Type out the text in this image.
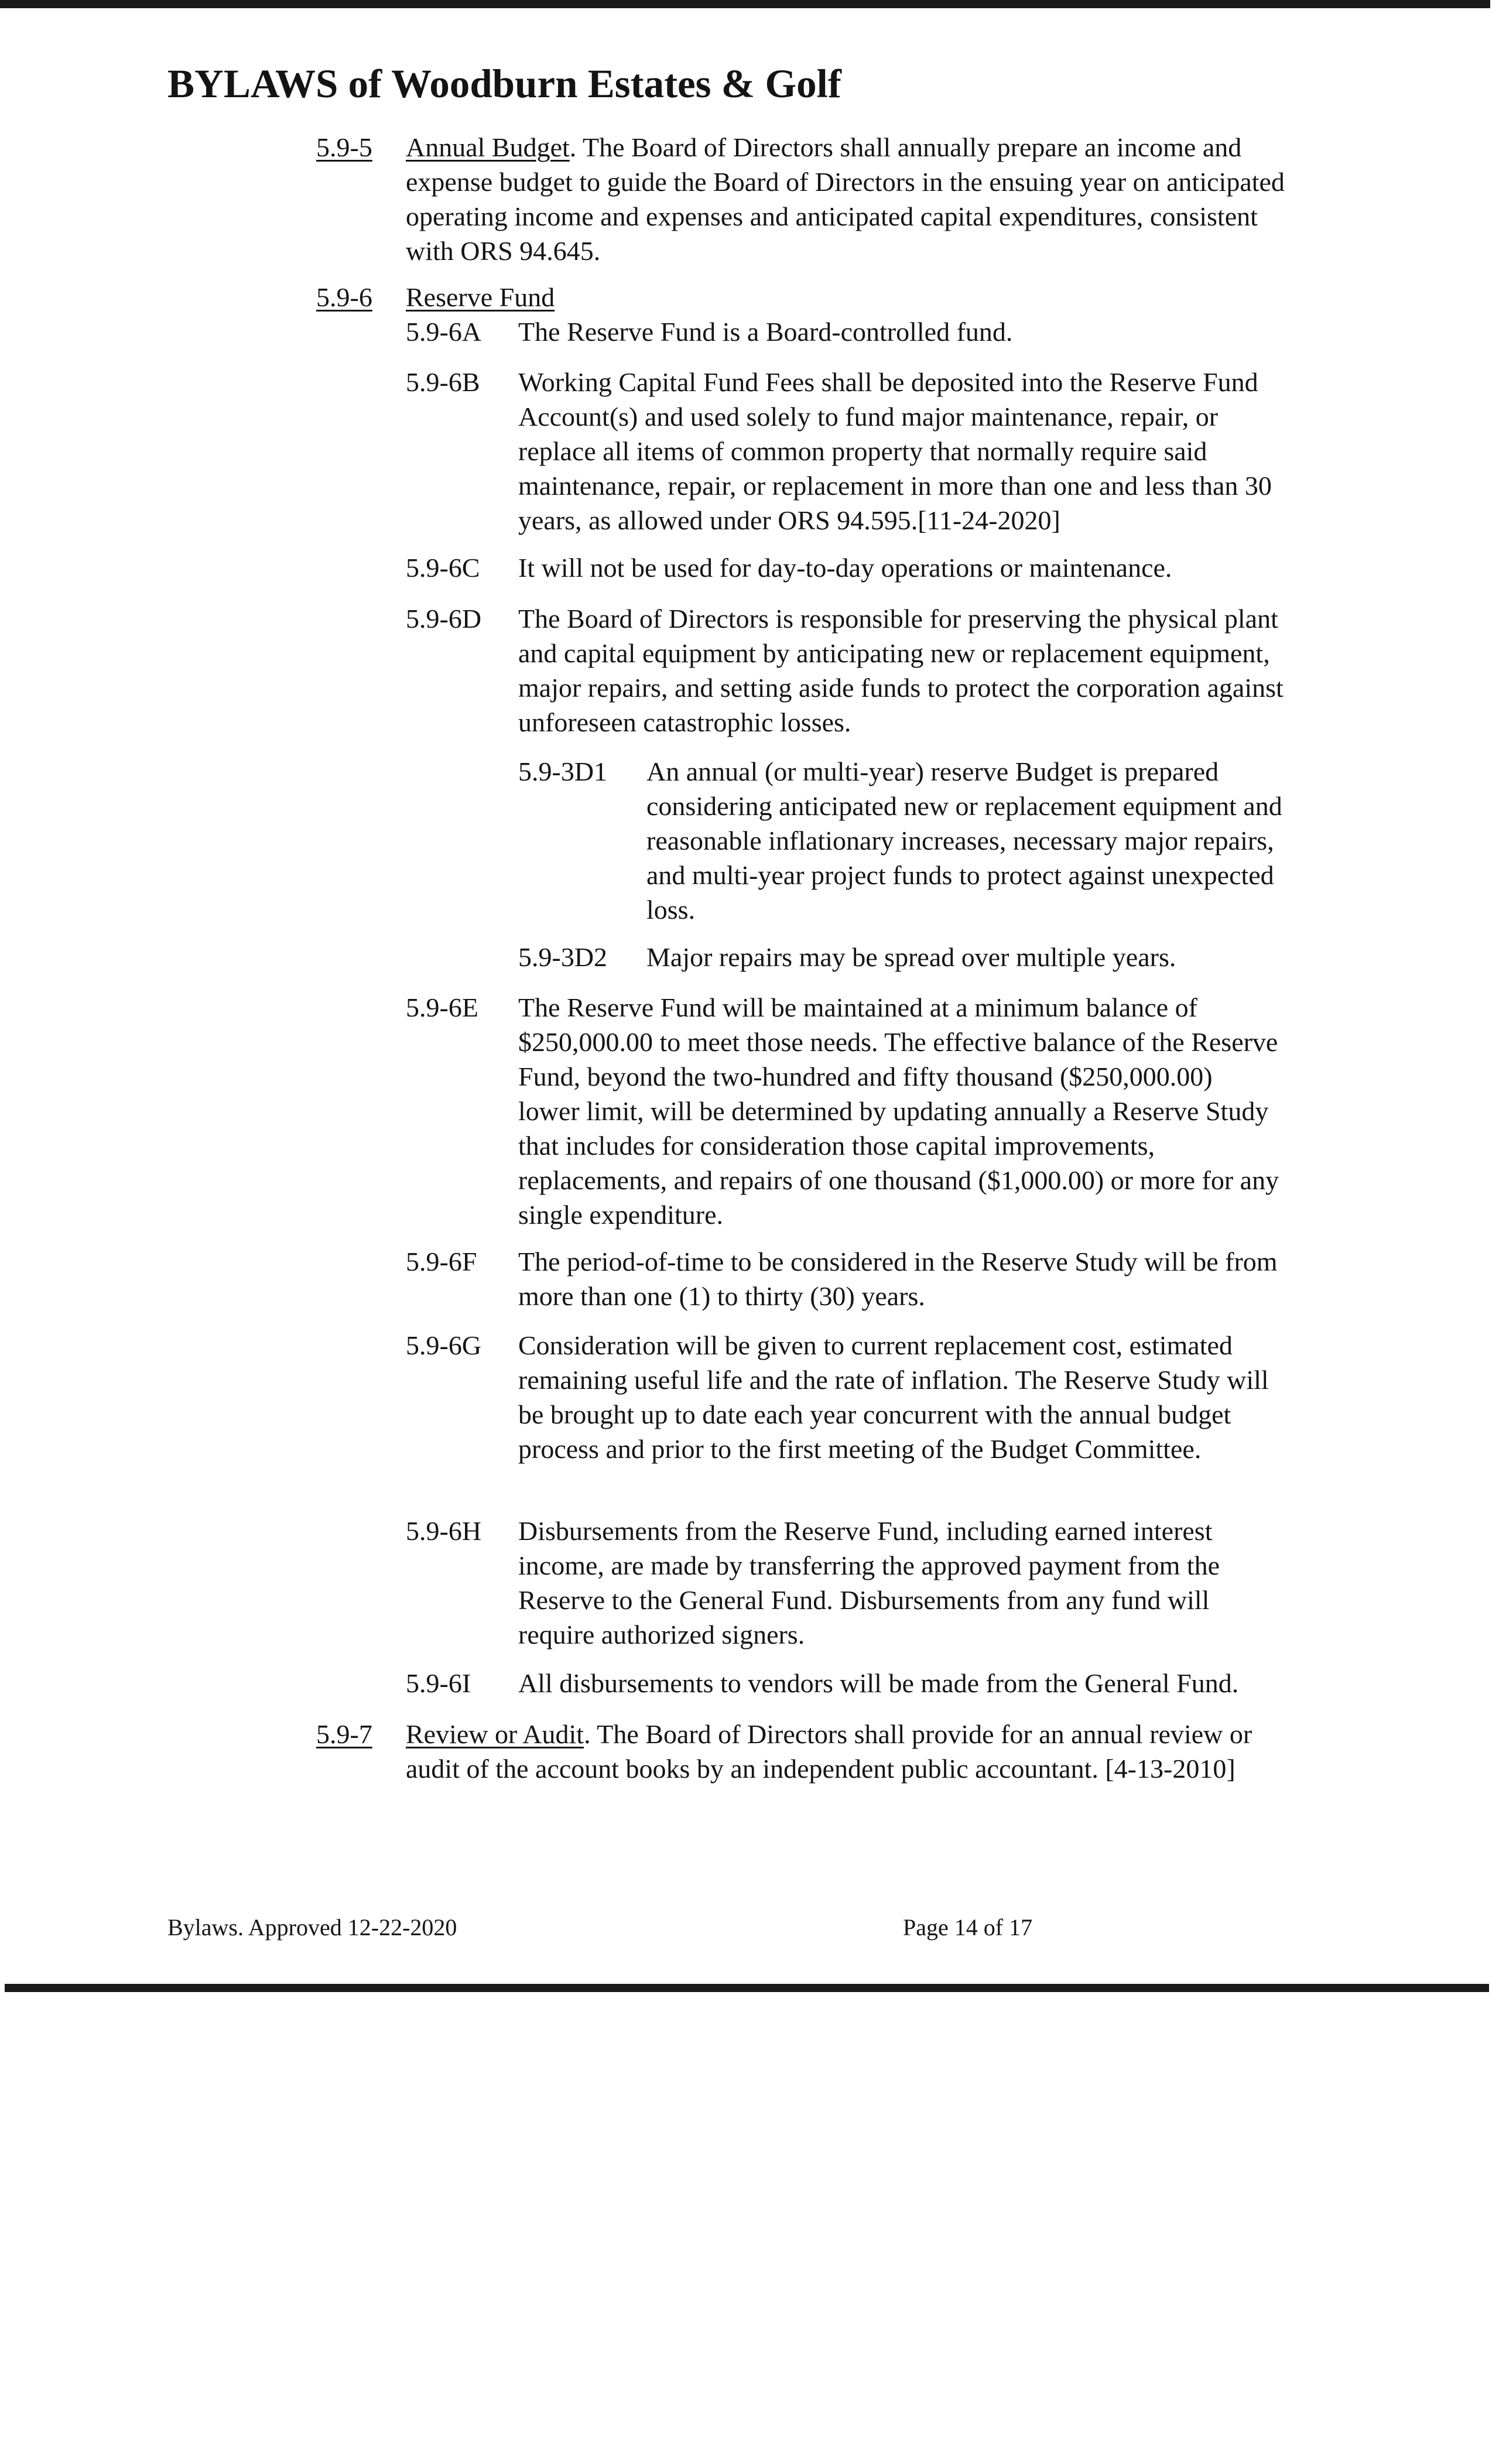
BYLAWS of Woodburn Estates & Golf
5.9-5 Annual Budget. The Board of Directors shall annually prepare an income and expense budget to guide the Board of Directors in the ensuing year on anticipated operating income and expenses and anticipated capital expenditures, consistent with ORS 94.645.

5.9-6 Reserve Fund
5.9-6A The Reserve Fund is a Board-controlled fund.

5.9-6B Working Capital Fund Fees shall be deposited into the Reserve Fund Account(s) and used solely to fund major maintenance, repair, or replace all items of common property that normally require said maintenance, repair, or replacement in more than one and less than 30 years, as allowed under ORS 94.595.[11-24-2020]

5.9-6C It will not be used for day-to-day operations or maintenance.

5.9-6D The Board of Directors is responsible for preserving the physical plant and capital equipment by anticipating new or replacement equipment, major repairs, and setting aside funds to protect the corporation against unforeseen catastrophic losses.

5.9-3D1 An annual (or multi-year) reserve Budget is prepared considering anticipated new or replacement equipment and reasonable inflationary increases, necessary major repairs, and multi-year project funds to protect against unexpected loss.

5.9-3D2 Major repairs may be spread over multiple years.

5.9-6E The Reserve Fund will be maintained at a minimum balance of $250,000.00 to meet those needs. The effective balance of the Reserve Fund, beyond the two-hundred and fifty thousand ($250,000.00) lower limit, will be determined by updating annually a Reserve Study that includes for consideration those capital improvements, replacements, and repairs of one thousand ($1,000.00) or more for any single expenditure.

5.9-6F The period-of-time to be considered in the Reserve Study will be from more than one (1) to thirty (30) years.

5.9-6G Consideration will be given to current replacement cost, estimated remaining useful life and the rate of inflation. The Reserve Study will be brought up to date each year concurrent with the annual budget process and prior to the first meeting of the Budget Committee.

5.9-6H Disbursements from the Reserve Fund, including earned interest income, are made by transferring the approved payment from the Reserve to the General Fund. Disbursements from any fund will require authorized signers.

5.9-6I All disbursements to vendors will be made from the General Fund.

5.9-7 Review or Audit. The Board of Directors shall provide for an annual review or audit of the account books by an independent public accountant. [4-13-2010]

Bylaws. Approved 12-22-2020	Page 14 of 17
